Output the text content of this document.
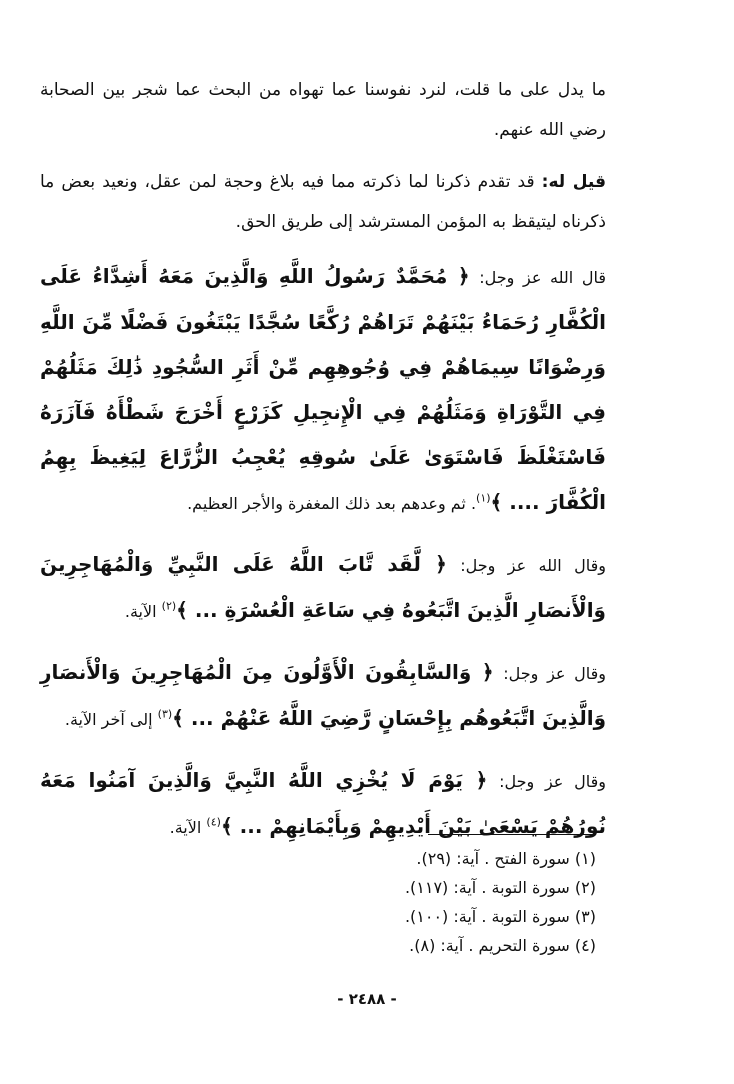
ما يدل على ما قلت، لنرد نفوسنا عما تهواه من البحث عما شجر بين الصحابة رضي الله عنهم.

قيل له: قد تقدم ذكرنا لما ذكرته مما فيه بلاغ وحجة لمن عقل، ونعيد بعض ما ذكرناه ليتيقظ به المؤمن المسترشد إلى طريق الحق.

قال الله عز وجل: ﴿ مُحَمَّدٌ رَسُولُ اللَّهِ وَالَّذِينَ مَعَهُ أَشِدَّاءُ عَلَى الْكُفَّارِ رُحَمَاءُ بَيْنَهُمْ تَرَاهُمْ رُكَّعًا سُجَّدًا يَبْتَغُونَ فَضْلًا مِّنَ اللَّهِ وَرِضْوَانًا سِيمَاهُمْ فِي وُجُوهِهِم مِّنْ أَثَرِ السُّجُودِ ذَٰلِكَ مَثَلُهُمْ فِي التَّوْرَاةِ وَمَثَلُهُمْ فِي الْإِنجِيلِ كَزَرْعٍ أَخْرَجَ شَطْأَهُ فَآزَرَهُ فَاسْتَغْلَظَ فَاسْتَوَىٰ عَلَىٰ سُوقِهِ يُعْجِبُ الزُّرَّاعَ لِيَغِيظَ بِهِمُ الْكُفَّارَ .... ﴾$^{(١)}$. ثم وعدهم بعد ذلك المغفرة والأجر العظيم.

وقال الله عز وجل: ﴿ لَّقَد تَّابَ اللَّهُ عَلَى النَّبِيِّ وَالْمُهَاجِرِينَ وَالْأَنصَارِ الَّذِينَ اتَّبَعُوهُ فِي سَاعَةِ الْعُسْرَةِ ... ﴾$^{(٢)}$ الآية.

وقال عز وجل: ﴿ وَالسَّابِقُونَ الْأَوَّلُونَ مِنَ الْمُهَاجِرِينَ وَالْأَنصَارِ وَالَّذِينَ اتَّبَعُوهُم بِإِحْسَانٍ رَّضِيَ اللَّهُ عَنْهُمْ ... ﴾$^{(٣)}$ إلى آخر الآية.

وقال عز وجل: ﴿ يَوْمَ لَا يُخْزِي اللَّهُ النَّبِيَّ وَالَّذِينَ آمَنُوا مَعَهُ نُورُهُمْ يَسْعَىٰ بَيْنَ أَيْدِيهِمْ وَبِأَيْمَانِهِمْ ... ﴾$^{(٤)}$ الآية.

(١) سورة الفتح . آية: (٢٩).

(٢) سورة التوبة . آية: (١١٧).

(٣) سورة التوبة . آية: (١٠٠).

(٤) سورة التحريم . آية: (٨).

- ٢٤٨٨ -
